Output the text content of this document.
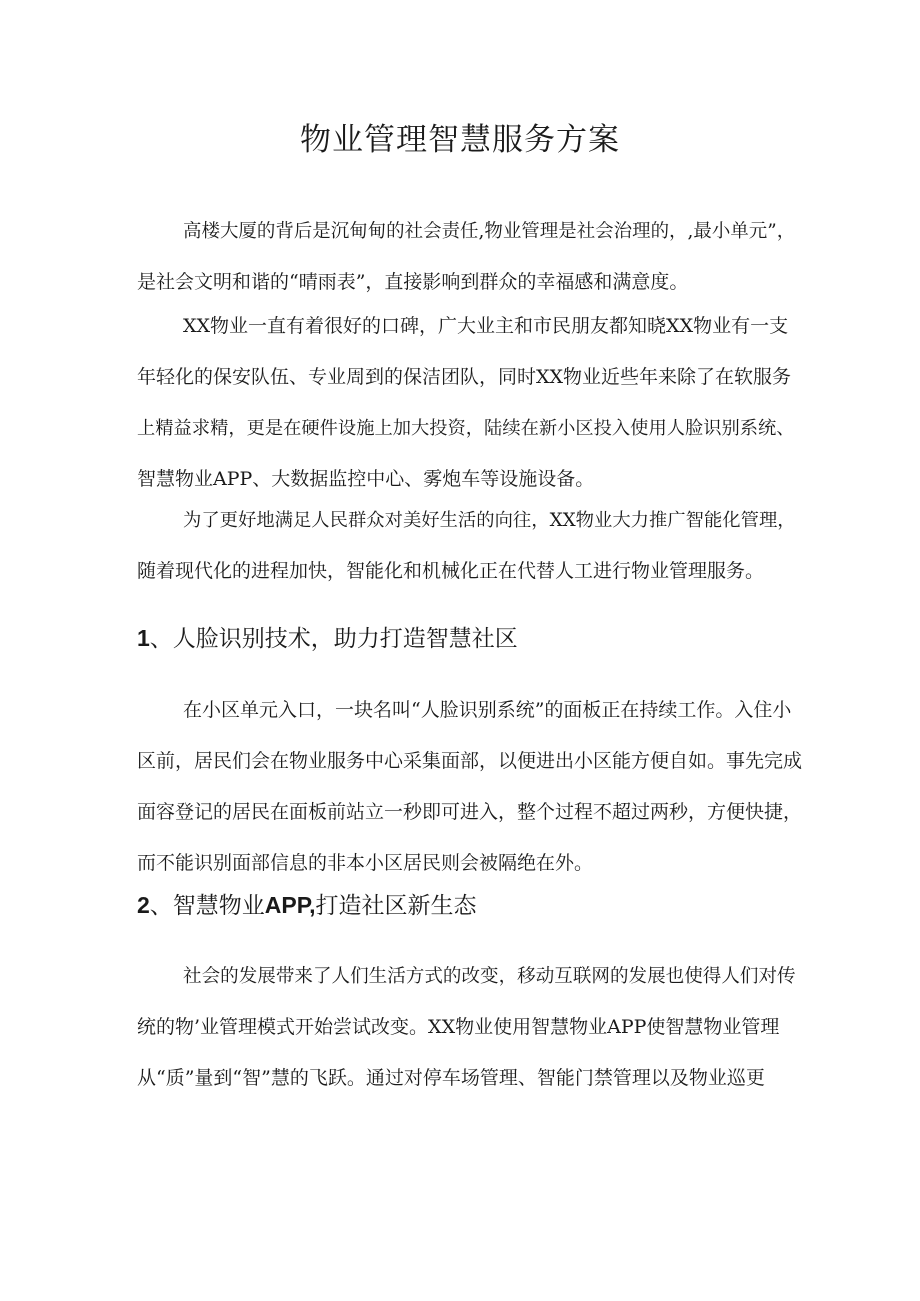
物业管理智慧服务方案

高楼大厦的背后是沉甸甸的社会责任,物业管理是社会治理的，,最小单元”，
是社会文明和谐的“晴雨表”，直接影响到群众的幸福感和满意度。

XX物业一直有着很好的口碑，广大业主和市民朋友都知晓XX物业有一支
年轻化的保安队伍、专业周到的保洁团队，同时XX物业近些年来除了在软服务
上精益求精，更是在硬件设施上加大投资，陆续在新小区投入使用人脸识别系统、
智慧物业APP、大数据监控中心、雾炮车等设施设备。

为了更好地满足人民群众对美好生活的向往，XX物业大力推广智能化管理，
随着现代化的进程加快，智能化和机械化正在代替人工进行物业管理服务。

1、人脸识别技术，助力打造智慧社区

在小区单元入口，一块名叫“人脸识别系统”的面板正在持续工作。入住小
区前，居民们会在物业服务中心采集面部，以便进出小区能方便自如。事先完成
面容登记的居民在面板前站立一秒即可进入，整个过程不超过两秒，方便快捷，
而不能识别面部信息的非本小区居民则会被隔绝在外。

2、智慧物业APP,打造社区新生态

社会的发展带来了人们生活方式的改变，移动互联网的发展也使得人们对传
统的物’业管理模式开始尝试改变。XX物业使用智慧物业APP使智慧物业管理
从“质”量到“智”慧的飞跃。通过对停车场管理、智能门禁管理以及物业巡更
